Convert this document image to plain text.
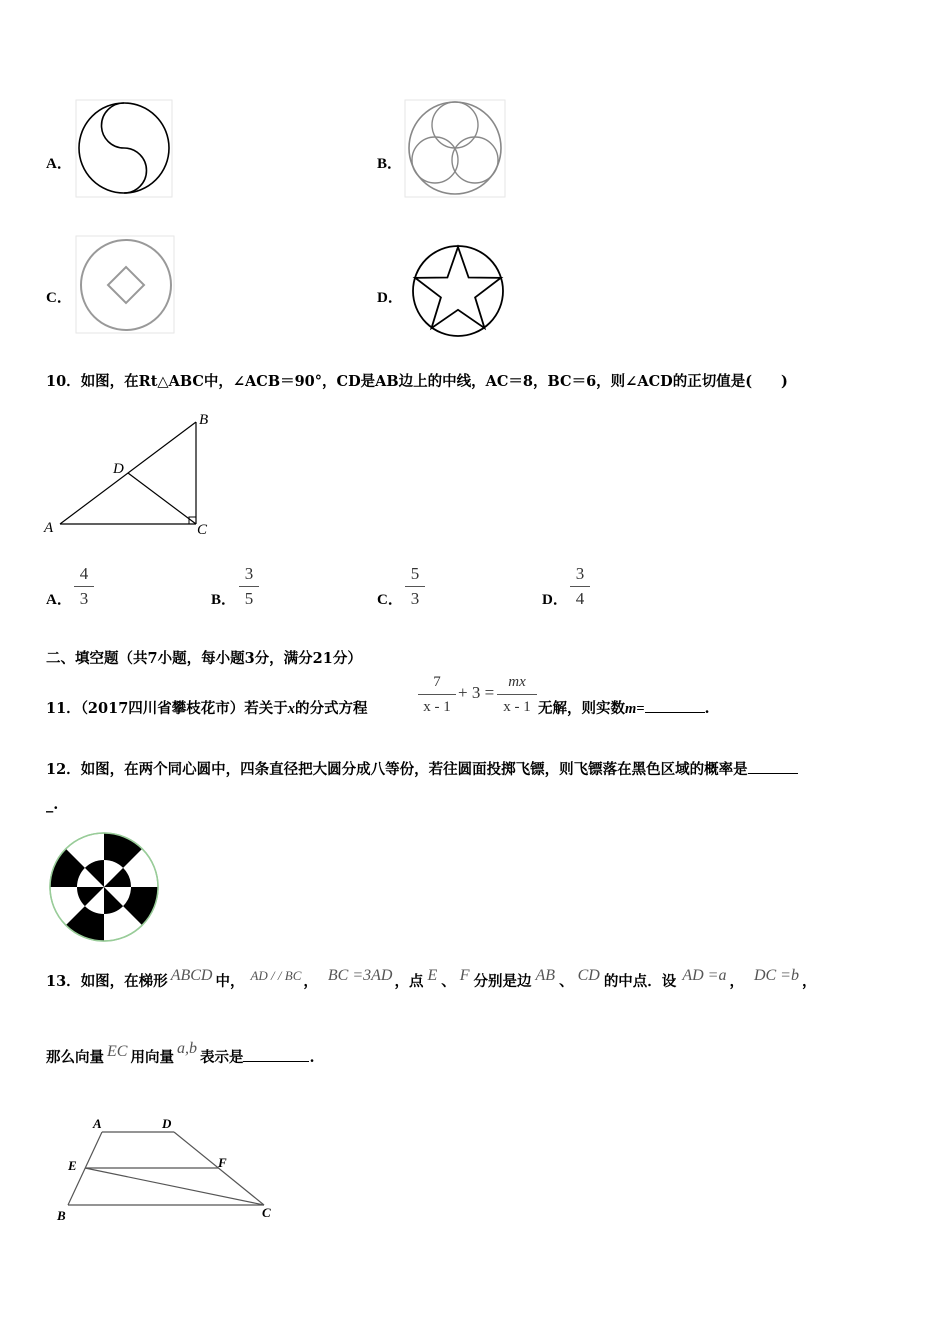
A．	B．
C．	D．
10．如图，在Rt△ABC中，∠ACB＝90°，CD是AB边上的中线，AC＝8，BC＝6，则∠ACD的正切值是(　　)
A
B
C
D
A．
4
3	B．
3
5	C．
5
3	D．
3
4
二、填空题（共7小题，每小题3分，满分21分）
11．（2017四川省攀枝花市）若关于x的分式方程
7
x - 1
+ 3 =
mx
x - 1 无解，则实数m=	.
12．如图，在两个同心圆中，四条直径把大圆分成八等份，若往圆面投掷飞镖，则飞镖落在黑色区域的概率是
_.
13． 如图，在梯形 ABCD 中， AD / / BC ， BC =3AD ，点 E 、 F 分别是边 AB 、 CD 的中点．设 AD =a ， DC =b ，
那么向量 EC 用向量
a,b
表示是	.
A	D
E	F
B	C
